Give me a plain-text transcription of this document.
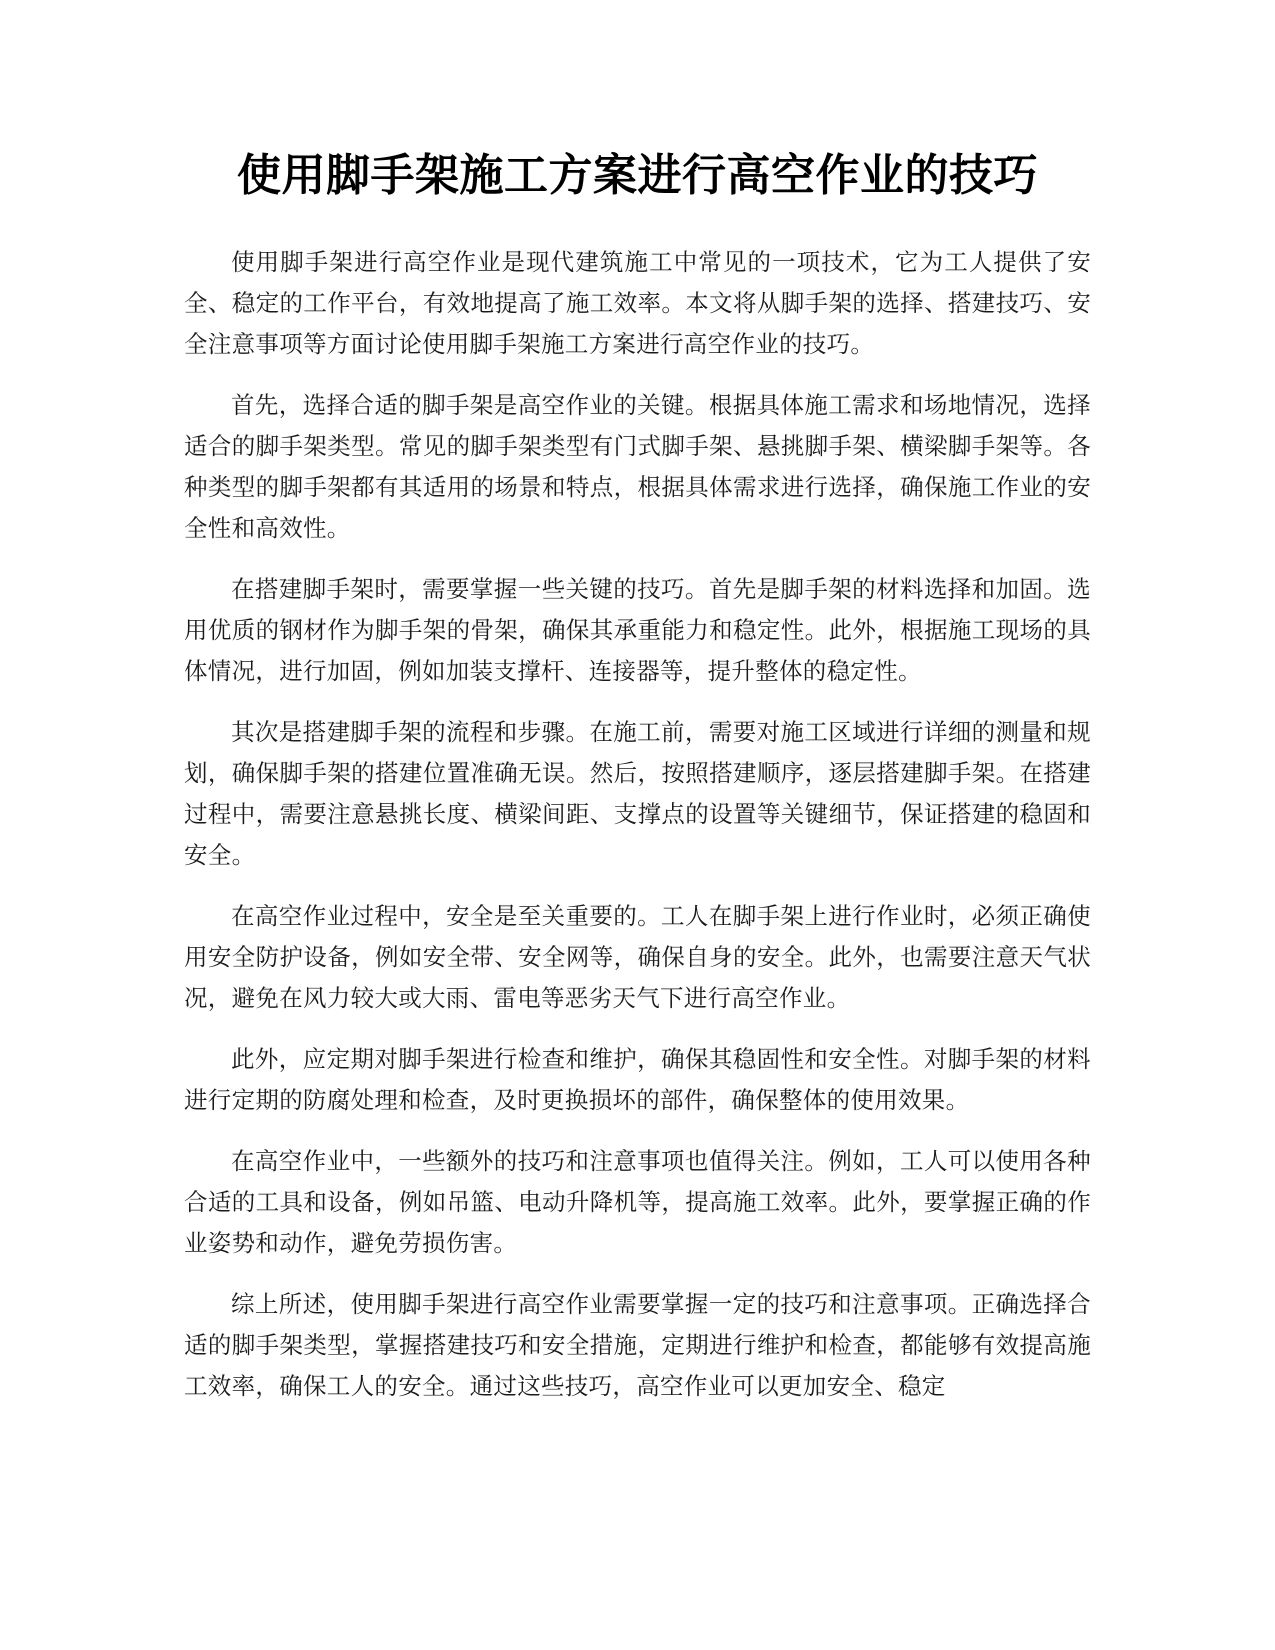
使用脚手架施工方案进行高空作业的技巧

使用脚手架进行高空作业是现代建筑施工中常见的一项技术，它为工人提供了安全、稳定的工作平台，有效地提高了施工效率。本文将从脚手架的选择、搭建技巧、安全注意事项等方面讨论使用脚手架施工方案进行高空作业的技巧。

首先，选择合适的脚手架是高空作业的关键。根据具体施工需求和场地情况，选择适合的脚手架类型。常见的脚手架类型有门式脚手架、悬挑脚手架、横梁脚手架等。各种类型的脚手架都有其适用的场景和特点，根据具体需求进行选择，确保施工作业的安全性和高效性。

在搭建脚手架时，需要掌握一些关键的技巧。首先是脚手架的材料选择和加固。选用优质的钢材作为脚手架的骨架，确保其承重能力和稳定性。此外，根据施工现场的具体情况，进行加固，例如加装支撑杆、连接器等，提升整体的稳定性。

其次是搭建脚手架的流程和步骤。在施工前，需要对施工区域进行详细的测量和规划，确保脚手架的搭建位置准确无误。然后，按照搭建顺序，逐层搭建脚手架。在搭建过程中，需要注意悬挑长度、横梁间距、支撑点的设置等关键细节，保证搭建的稳固和安全。

在高空作业过程中，安全是至关重要的。工人在脚手架上进行作业时，必须正确使用安全防护设备，例如安全带、安全网等，确保自身的安全。此外，也需要注意天气状况，避免在风力较大或大雨、雷电等恶劣天气下进行高空作业。

此外，应定期对脚手架进行检查和维护，确保其稳固性和安全性。对脚手架的材料进行定期的防腐处理和检查，及时更换损坏的部件，确保整体的使用效果。

在高空作业中，一些额外的技巧和注意事项也值得关注。例如，工人可以使用各种合适的工具和设备，例如吊篮、电动升降机等，提高施工效率。此外，要掌握正确的作业姿势和动作，避免劳损伤害。

综上所述，使用脚手架进行高空作业需要掌握一定的技巧和注意事项。正确选择合适的脚手架类型，掌握搭建技巧和安全措施，定期进行维护和检查，都能够有效提高施工效率，确保工人的安全。通过这些技巧，高空作业可以更加安全、稳定
